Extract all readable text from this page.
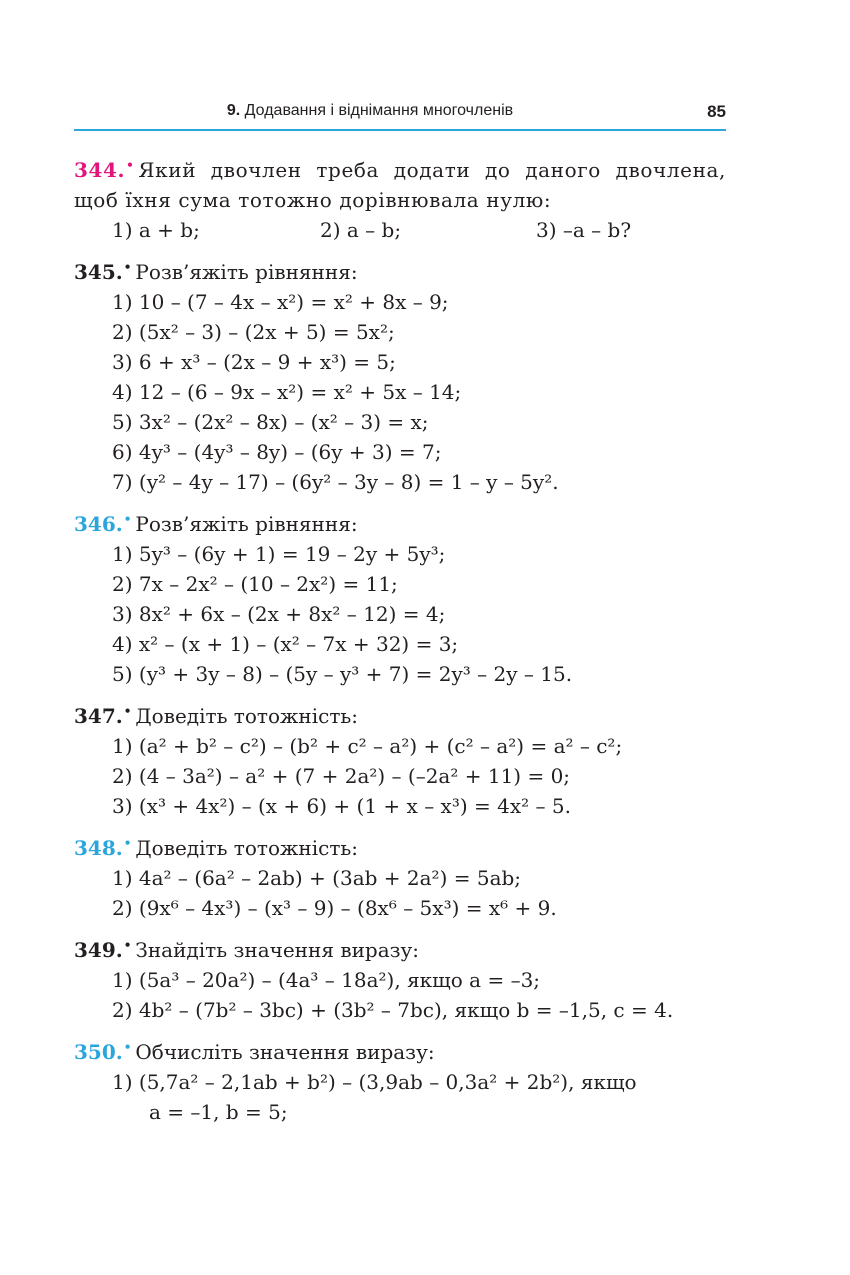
9. Додавання і віднімання многочленів	85
344.• Який двочлен треба додати до даного двочлена, щоб їхня сума тотожно дорівнювала нулю:
1) a + b;	2) a – b;	3) –a – b?
345.• Розв’яжіть рівняння:
1) 10 – (7 – 4x – x²) = x² + 8x – 9;
2) (5x² – 3) – (2x + 5) = 5x²;
3) 6 + x³ – (2x – 9 + x³) = 5;
4) 12 – (6 – 9x – x²) = x² + 5x – 14;
5) 3x² – (2x² – 8x) – (x² – 3) = x;
6) 4y³ – (4y³ – 8y) – (6y + 3) = 7;
7) (y² – 4y – 17) – (6y² – 3y – 8) = 1 – y – 5y².
346.• Розв’яжіть рівняння:
1) 5y³ – (6y + 1) = 19 – 2y + 5y³;
2) 7x – 2x² – (10 – 2x²) = 11;
3) 8x² + 6x – (2x + 8x² – 12) = 4;
4) x² – (x + 1) – (x² – 7x + 32) = 3;
5) (y³ + 3y – 8) – (5y – y³ + 7) = 2y³ – 2y – 15.
347.• Доведіть тотожність:
1) (a² + b² – c²) – (b² + c² – a²) + (c² – a²) = a² – c²;
2) (4 – 3a²) – a² + (7 + 2a²) – (–2a² + 11) = 0;
3) (x³ + 4x²) – (x + 6) + (1 + x – x³) = 4x² – 5.
348.• Доведіть тотожність:
1) 4a² – (6a² – 2ab) + (3ab + 2a²) = 5ab;
2) (9x⁶ – 4x³) – (x³ – 9) – (8x⁶ – 5x³) = x⁶ + 9.
349.• Знайдіть значення виразу:
1) (5a³ – 20a²) – (4a³ – 18a²), якщо a = –3;
2) 4b² – (7b² – 3bc) + (3b² – 7bc), якщо b = –1,5, c = 4.
350.• Обчисліть значення виразу:
1) (5,7a² – 2,1ab + b²) – (3,9ab – 0,3a² + 2b²), якщо
a = –1, b = 5;
